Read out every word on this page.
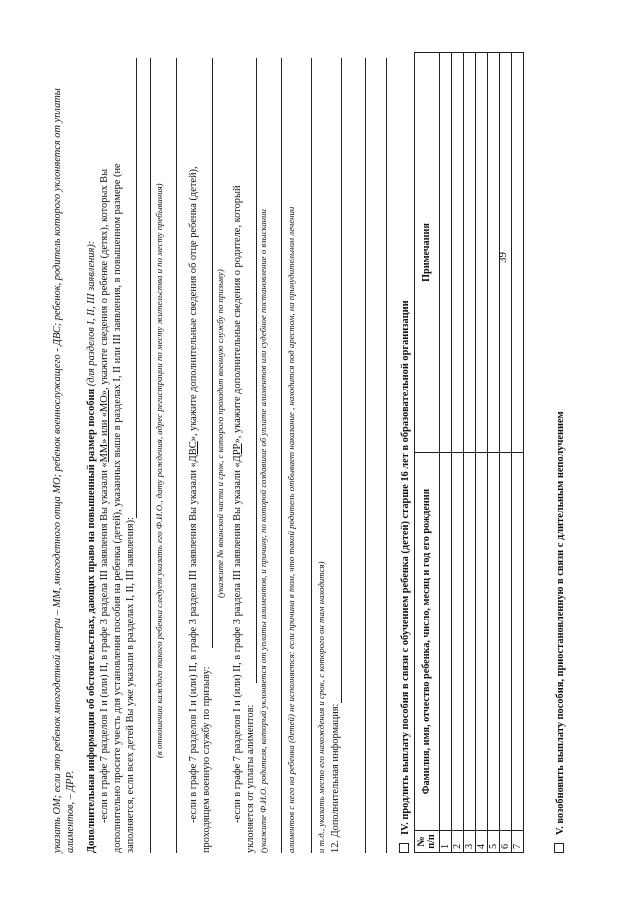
указать ОМ; если это ребенок многодетной матери – ММ, многодетного отца МО; ребенок военнослужащего - ДВС; ребенок, родитель которого уклоняется от уплаты алиментов, – ДРР. Дополнительная информация об обстоятельствах, дающих право на повышенный размер пособия (для разделов I, II, III заявления):
-если в графе 7 разделов I и (или) II, в графе 3 раздела III заявления Вы указали «ММ» или «МО», укажите сведения о ребенке (детях), которых Вы дополнительно просите учесть для установления пособия на ребенка (детей), указанных выше в разделах I, II или III заявления, в повышенном размере (не заполняется, если всех детей Вы уже указали в разделах I, II, III заявления): (в отношении каждого такого ребенка следует указать его Ф.И.О., дату рождения, адрес регистрации по месту жительства и по месту пребывания) -если в графе 7 разделов I и (или) II, в графе 3 раздела III заявления Вы указали «ДВС», укажите дополнительные сведения об отце ребенка (детей),
проходящем военную службу по призыву:
(укажите № воинской части и срок, с которого проходит военную службу по призыву)
-если в графе 7 разделов I и (или) II, в графе 3 раздела III заявления Вы указали «ДРР», укажите дополнительные сведения о родителе, который
уклоняется от уплаты алиментов: (укажите Ф.И.О. родителя, который уклоняется от уплаты алиментов, и причину, по которой создавшие об уплате алиментов или судебное постановление о взыскании алиментов с него на ребенка (детей) не исполняется: если причина в том, что такой родитель отбывает наказание , находится под арестом, на принудительном лечении и т.д., указать место его нахождения и срок, с которого он там находится) 12. Дополнительная информация:	IV. продлить выплату пособия в связи с обучением ребенка (детей) старше 16 лет в образовательной организации
№ п/п	Фамилия, имя, отчество ребенка, число, месяц и год его рождения	Примечания
1		
2		
3		
4		
5		
6		
7		
V. возобновить выплату пособия, приостановленную в связи с длительным неполучением
39
